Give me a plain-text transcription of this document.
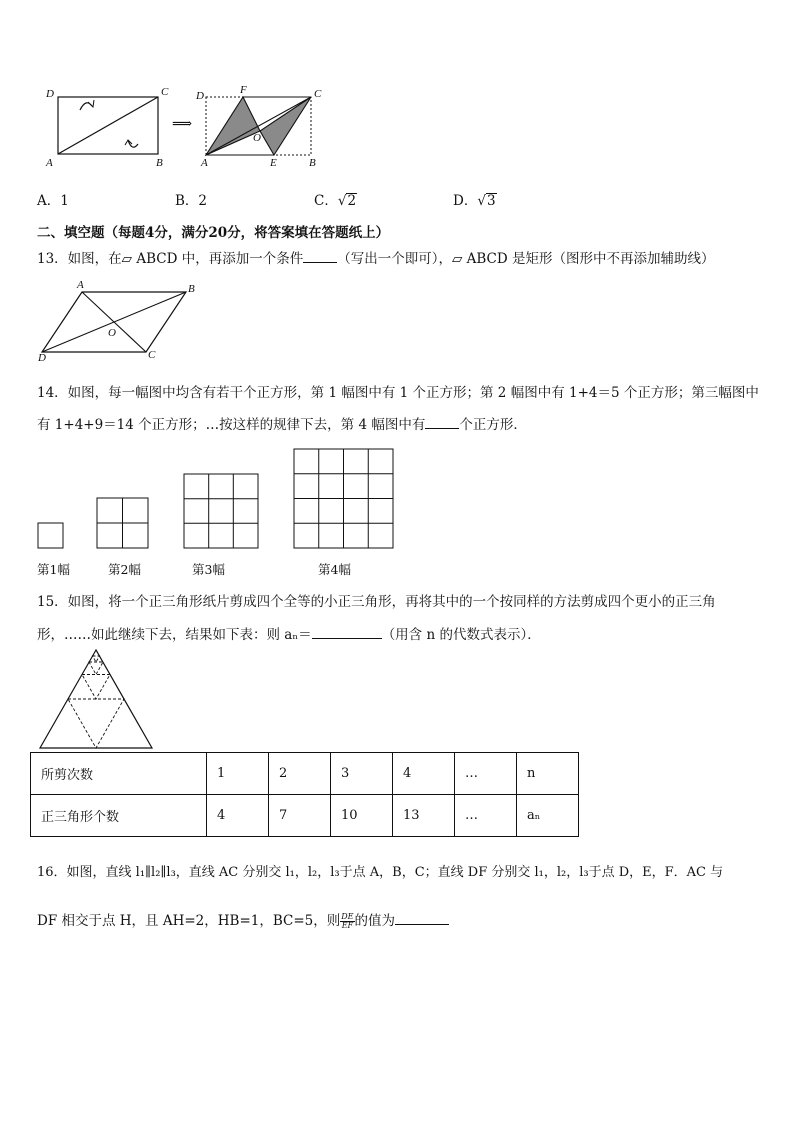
D	C
A	B
⟹
D	F	C
O
A	E	B
A．1	B．2	C．√2	D．√3
二、填空题（每题4分，满分20分，将答案填在答题纸上）
13．如图，在▱ ABCD 中，再添加一个条件	（写出一个即可），▱ ABCD 是矩形（图形中不再添加辅助线）
A	B
O
D	C
14．如图，每一幅图中均含有若干个正方形，第 1 幅图中有 1 个正方形；第 2 幅图中有 1+4＝5 个正方形；第三幅图中
有 1+4+9＝14 个正方形；…按这样的规律下去，第 4 幅图中有	个正方形．
第1幅	第2幅	第3幅	第4幅
15．如图，将一个正三角形纸片剪成四个全等的小正三角形，再将其中的一个按同样的方法剪成四个更小的正三角
形，……如此继续下去，结果如下表：则 aₙ＝	（用含 n 的代数式表示）．
所剪次数	1	2	3	4	…	n
正三角形个数	4	7	10	13	…	aₙ
16．如图，直线 l₁∥l₂∥l₃，直线 AC 分别交 l₁，l₂，l₃于点 A，B，C；直线 DF 分别交 l₁，l₂，l₃于点 D，E，F．AC 与
DF 相交于点 H，且 AH=2，HB=1，BC=5，则 $\frac{DE}{EF}$的值为
